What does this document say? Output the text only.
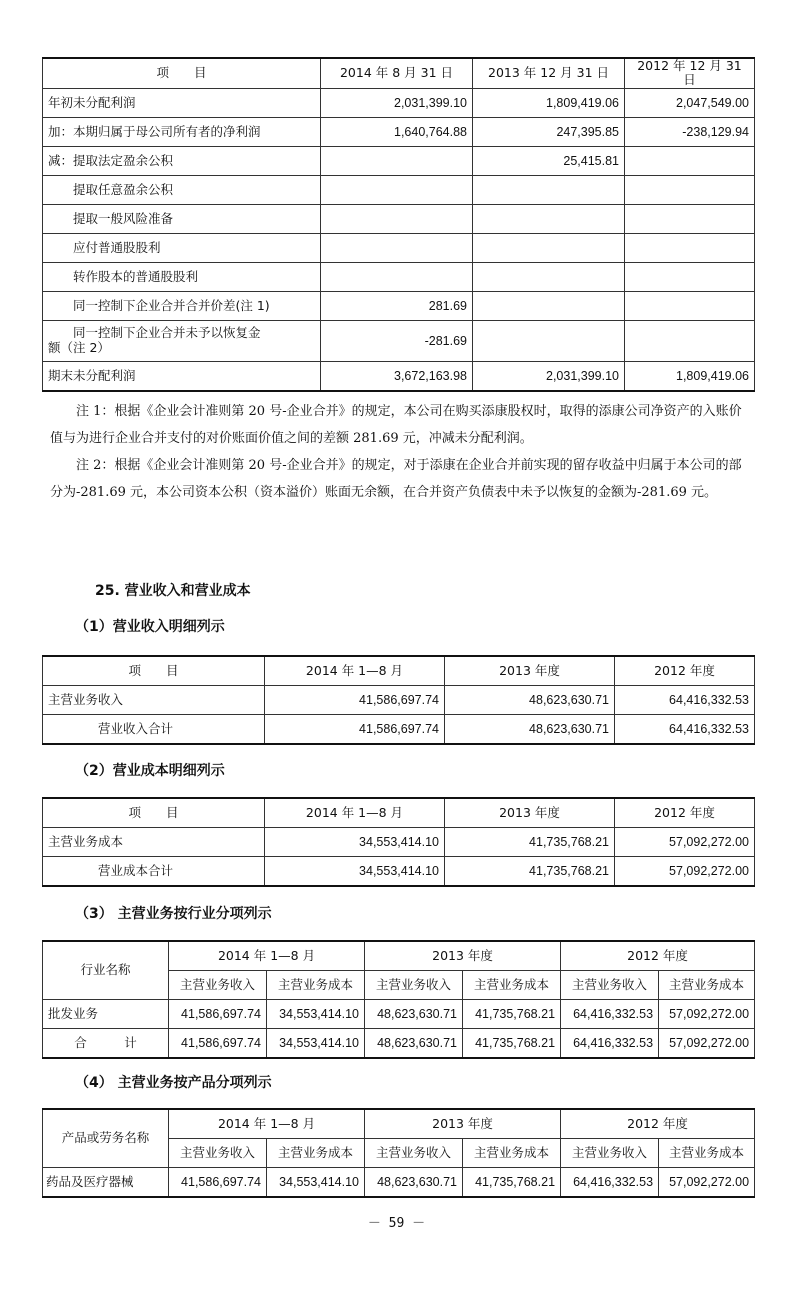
项　　目	2014 年 8 月 31 日	2013 年 12 月 31 日	2012 年 12 月 31 日
年初未分配利润	2,031,399.10	1,809,419.06	2,047,549.00
加：本期归属于母公司所有者的净利润	1,640,764.88	247,395.85	-238,129.94
减：提取法定盈余公积		25,415.81	
提取任意盈余公积			
提取一般风险准备			
应付普通股股利			
转作股本的普通股股利			
同一控制下企业合并合并价差(注 1)	281.69		

同一控制下企业合并未予以恢复金
额（注 2）	-281.69		
期末未分配利润	3,672,163.98	2,031,399.10	1,809,419.06

注 1：根据《企业会计准则第 20 号-企业合并》的规定，本公司在购买添康股权时，取得的添康公司净资产的入账价值与为进行企业合并支付的对价账面价值之间的差额 281.69 元，冲减未分配利润。

注 2：根据《企业会计准则第 20 号-企业合并》的规定，对于添康在企业合并前实现的留存收益中归属于本公司的部分为-281.69 元，本公司资本公积（资本溢价）账面无余额，在合并资产负债表中未予以恢复的金额为-281.69 元。

25. 营业收入和营业成本

（1）营业收入明细列示

项　　目	2014 年 1—8 月	2013 年度	2012 年度
主营业务收入	41,586,697.74	48,623,630.71	64,416,332.53
营业收入合计	41,586,697.74	48,623,630.71	64,416,332.53

（2）营业成本明细列示

项　　目	2014 年 1—8 月	2013 年度	2012 年度
主营业务成本	34,553,414.10	41,735,768.21	57,092,272.00
营业成本合计	34,553,414.10	41,735,768.21	57,092,272.00

（3） 主营业务按行业分项列示

行业名称	2014 年 1—8 月		2013 年度		2012 年度	
	主营业务收入	主营业务成本	主营业务收入	主营业务成本	主营业务收入	主营业务成本
批发业务	41,586,697.74	34,553,414.10	48,623,630.71	41,735,768.21	64,416,332.53	57,092,272.00
合　　　计	41,586,697.74	34,553,414.10	48,623,630.71	41,735,768.21	64,416,332.53	57,092,272.00

（4） 主营业务按产品分项列示

产品或劳务名称	2014 年 1—8 月		2013 年度		2012 年度	
	主营业务收入	主营业务成本	主营业务收入	主营业务成本	主营业务收入	主营业务成本
药品及医疗器械	41,586,697.74	34,553,414.10	48,623,630.71	41,735,768.21	64,416,332.53	57,092,272.00
－ 59 －
